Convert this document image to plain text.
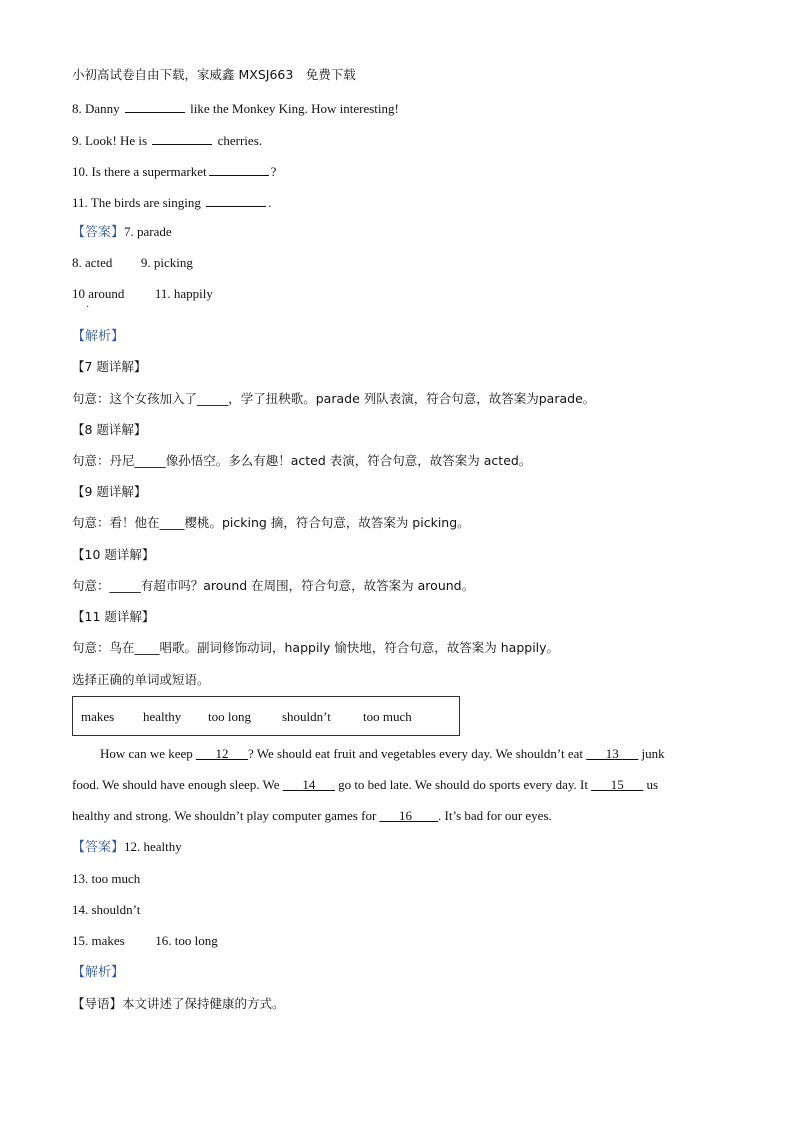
小初高试卷自由下载，家威鑫 MXSJ663　免费下载
8. Danny	like the Monkey King. How interesting!
9. Look! He is	cherries.
10. Is there a supermarket	?
11. The birds are singing	.
【答案】7. parade
8. acted 9. picking
10 around 11. happily
·
【解析】
【7 题详解】
句意：这个女孩加入了_____，学了扭秧歌。parade 列队表演，符合句意，故答案为parade。
【8 题详解】
句意：丹尼_____像孙悟空。多么有趣！acted 表演，符合句意，故答案为 acted。
【9 题详解】
句意：看！他在____樱桃。picking 摘，符合句意，故答案为 picking。
【10 题详解】
句意：_____有超市吗？around 在周围，符合句意，故答案为 around。
【11 题详解】
句意：鸟在____唱歌。副词修饰动词，happily 愉快地，符合句意，故答案为 happily。
选择正确的单词或短语。
makes healthy too long shouldn’t too much
How can we keep ___12___? We should eat fruit and vegetables every day. We shouldn’t eat ___13___ junk
food. We should have enough sleep. We ___14___ go to bed late. We should do sports every day. It ___15___ us
healthy and strong. We shouldn’t play computer games for ___16____. It’s bad for our eyes.
【答案】12. healthy
13. too much
14. shouldn’t
15. makes 16. too long
【解析】
【导语】本文讲述了保持健康的方式。
